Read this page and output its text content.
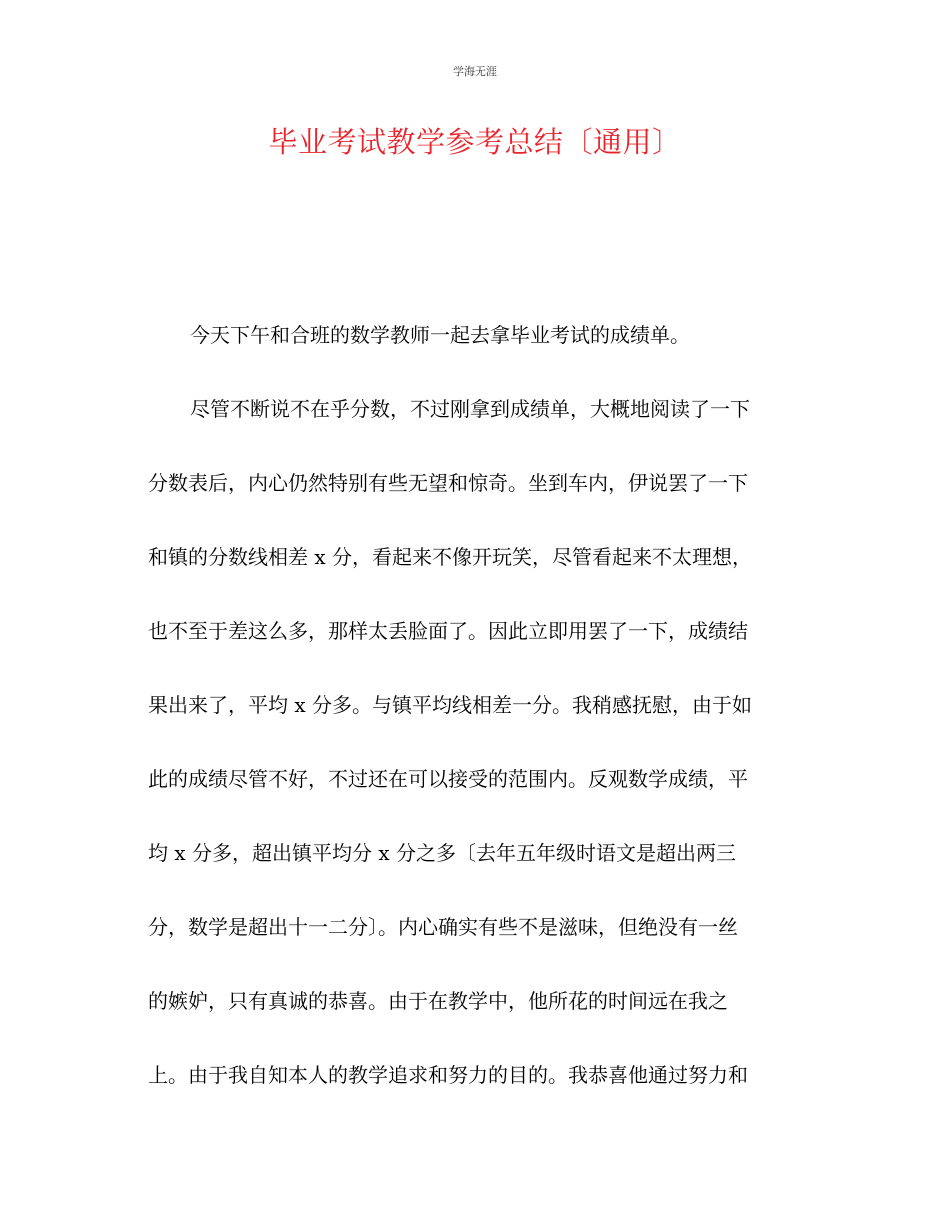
学海无涯
毕业考试教学参考总结〔通用〕
今天下午和合班的数学教师一起去拿毕业考试的成绩单。
尽管不断说不在乎分数，不过刚拿到成绩单，大概地阅读了一下
分数表后，内心仍然特别有些无望和惊奇。坐到车内，伊说罢了一下
和镇的分数线相差 x 分，看起来不像开玩笑，尽管看起来不太理想，
也不至于差这么多，那样太丢脸面了。因此立即用罢了一下，成绩结
果出来了，平均 x 分多。与镇平均线相差一分。我稍感抚慰，由于如
此的成绩尽管不好，不过还在可以接受的范围内。反观数学成绩，平
均 x 分多，超出镇平均分 x 分之多〔去年五年级时语文是超出两三
分，数学是超出十一二分〕。内心确实有些不是滋味，但绝没有一丝
的嫉妒，只有真诚的恭喜。由于在教学中，他所花的时间远在我之
上。由于我自知本人的教学追求和努力的目的。我恭喜他通过努力和
